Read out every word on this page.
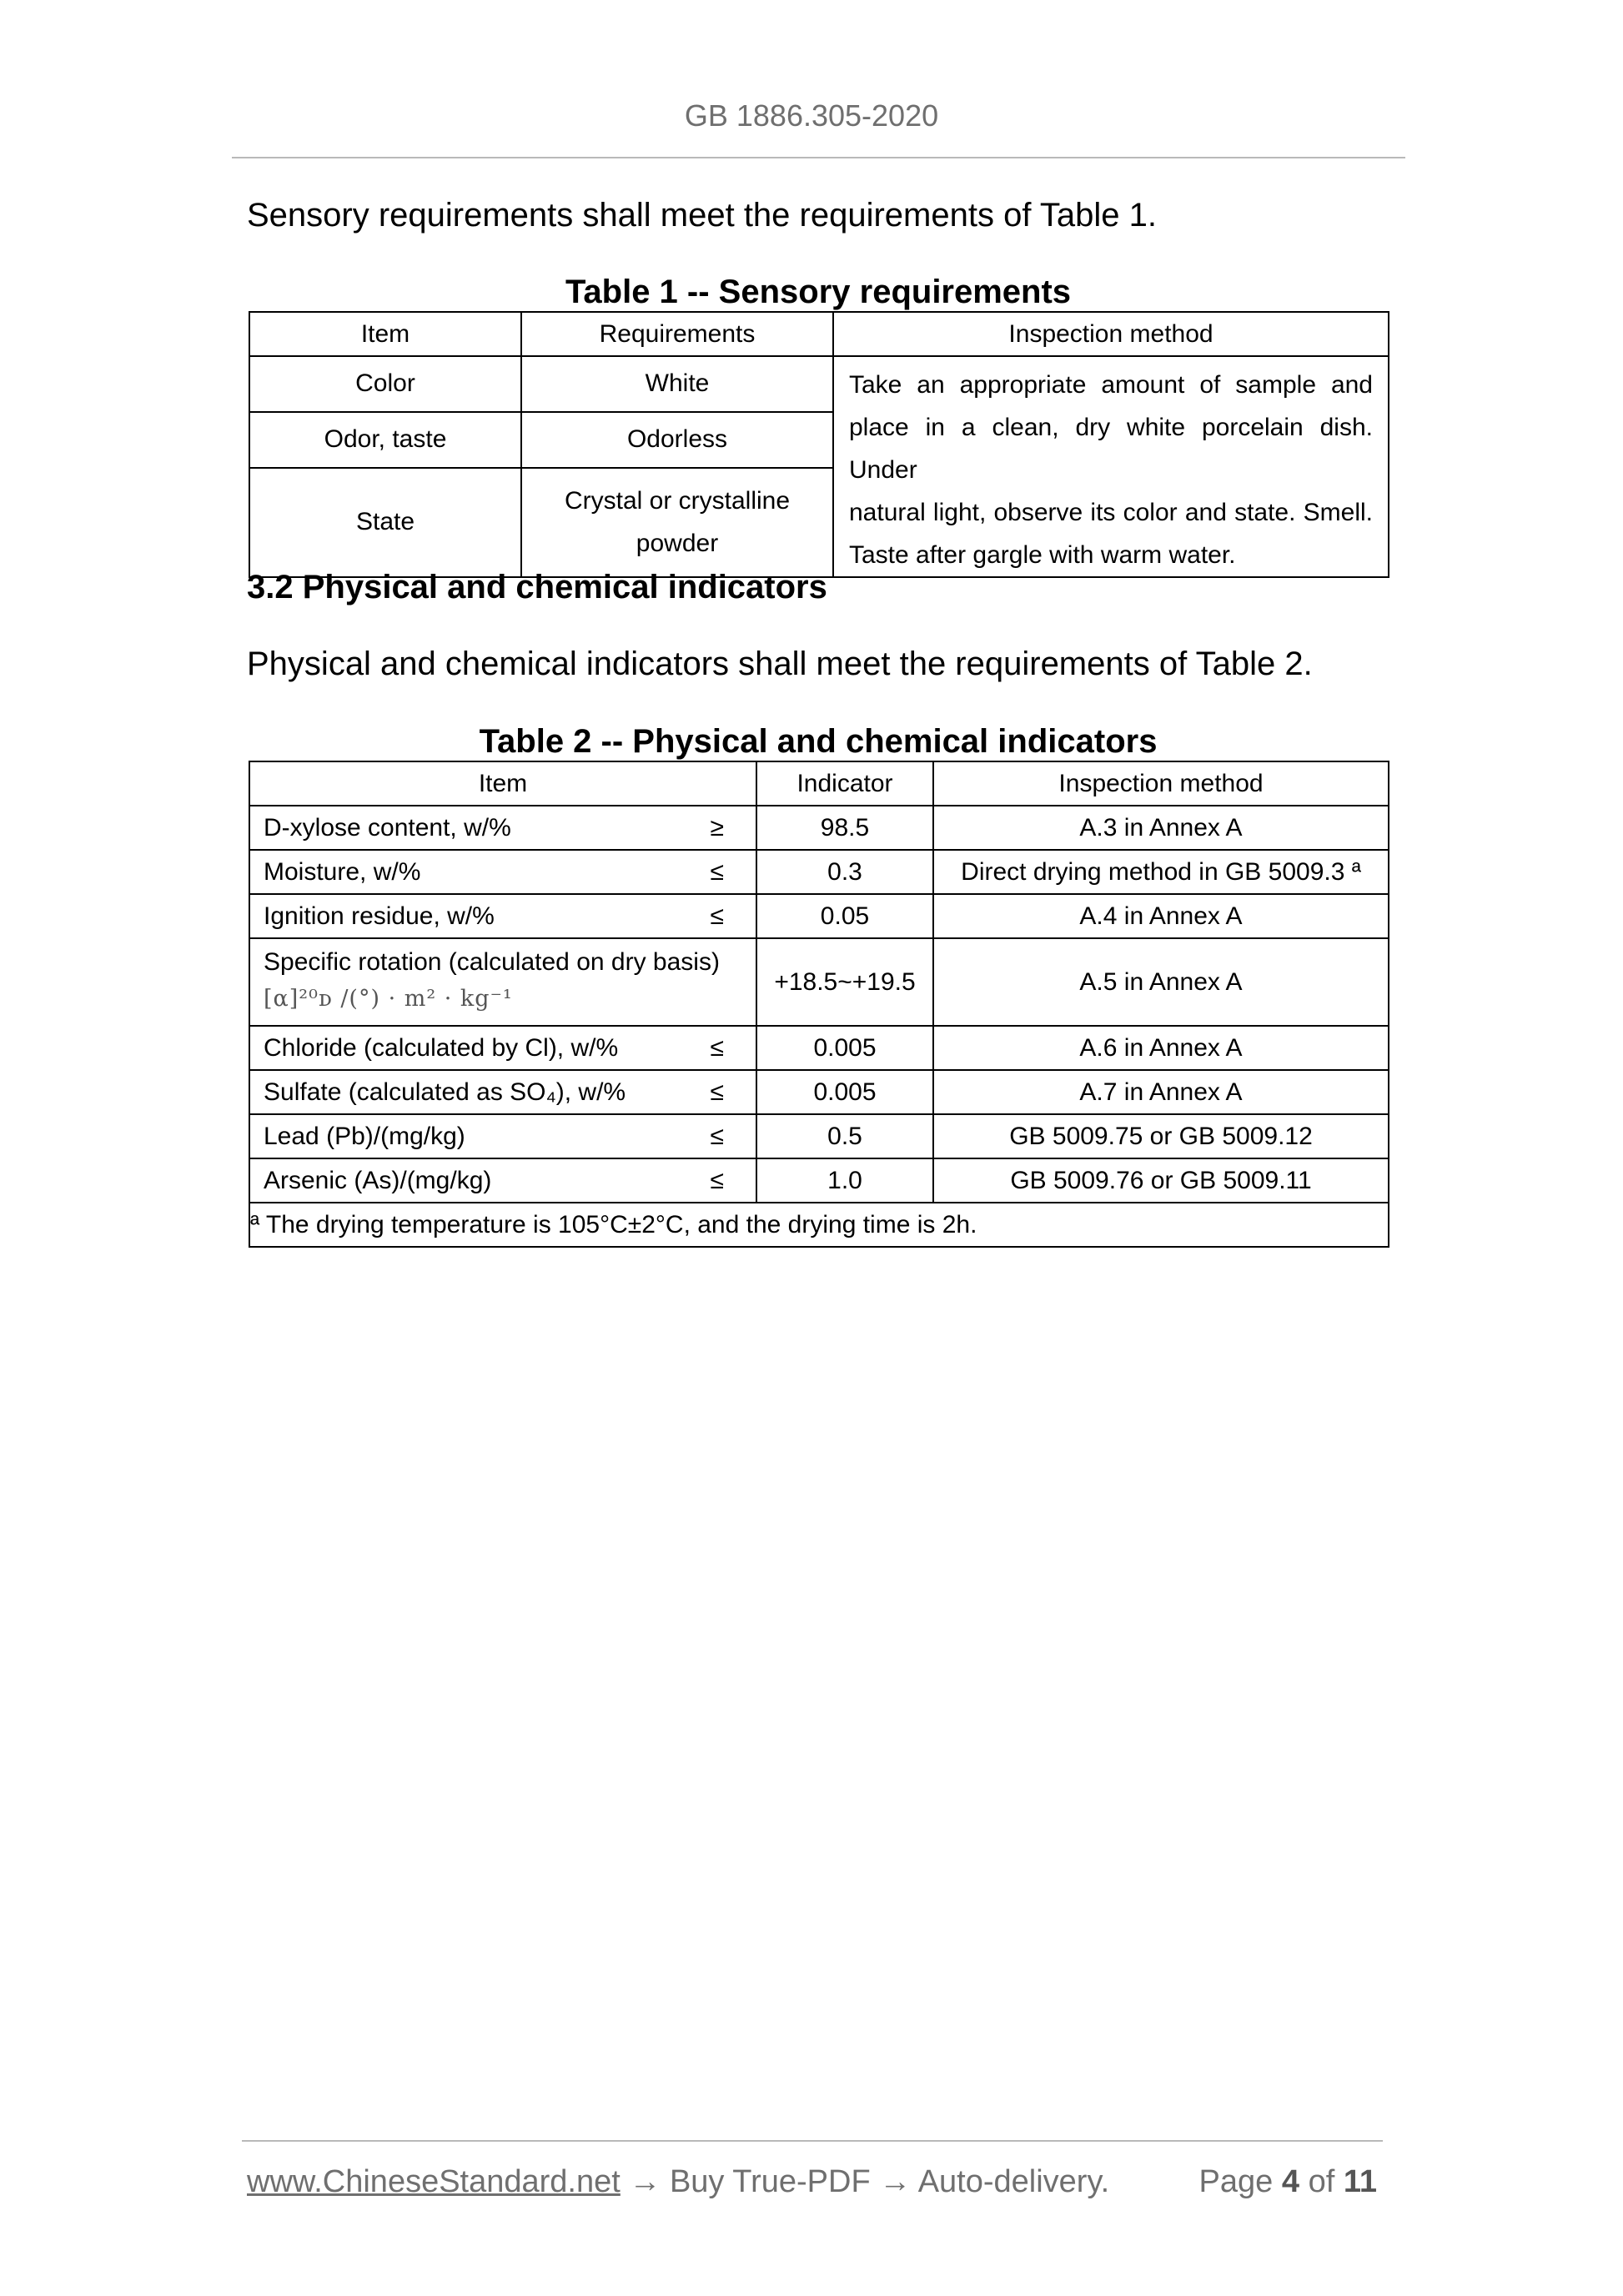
GB 1886.305-2020
Sensory requirements shall meet the requirements of Table 1.
Table 1 -- Sensory requirements
Item	Requirements	Inspection method
Color	White	Take an appropriate amount of sample and
place in a clean, dry white porcelain dish. Under
natural light, observe its color and state. Smell.
Taste after gargle with warm water.

Odor, taste	Odorless	
State	Crystal or crystalline
powder	
3.2 Physical and chemical indicators
Physical and chemical indicators shall meet the requirements of Table 2.
Table 2 -- Physical and chemical indicators
Item	Indicator	Inspection method

D-xylose content, w/% ≥	98.5	A.3 in Annex A

Moisture, w/% ≤	0.3	Direct drying method in GB 5009.3 ª

Ignition residue, w/% ≤	0.05	A.4 in Annex A

Specific rotation (calculated on dry basis)
[α]²⁰ᴅ /(°) · m² · kg⁻¹	+18.5~+19.5	A.5 in Annex A

Chloride (calculated by Cl), w/% ≤	0.005	A.6 in Annex A

Sulfate (calculated as SO₄), w/% ≤	0.005	A.7 in Annex A

Lead (Pb)/(mg/kg) ≤	0.5	GB 5009.75 or GB 5009.12

Arsenic (As)/(mg/kg) ≤	1.0	GB 5009.76 or GB 5009.11
ª The drying temperature is 105°C±2°C, and the drying time is 2h.		
www.ChineseStandard.net → Buy True-PDF → Auto-delivery.	Page 4 of 11
